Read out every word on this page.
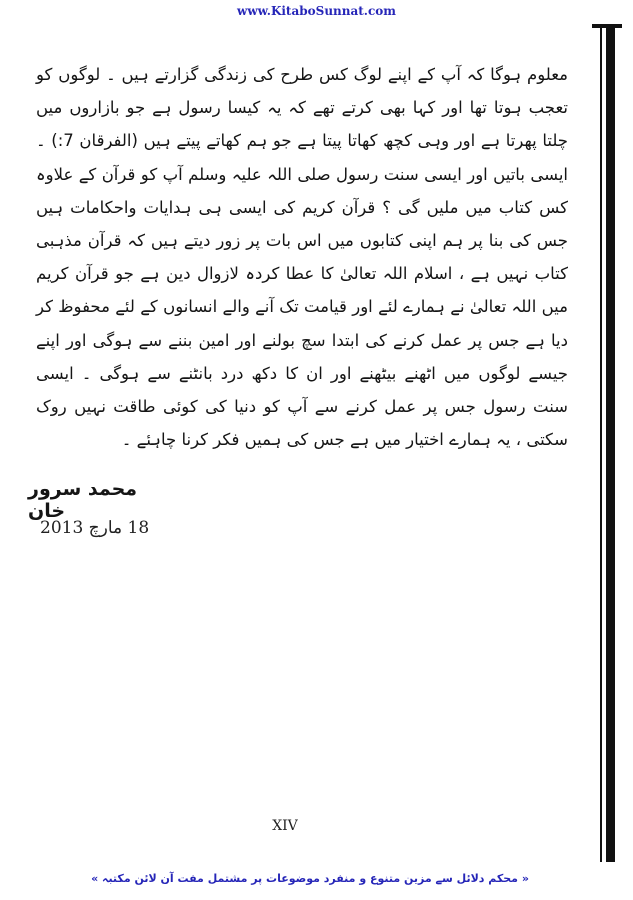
www.KitaboSunnat.com
معلوم ہوگا کہ آپ کے اپنے لوگ کس طرح کی زندگی گزارتے ہیں ۔ لوگوں کو تعجب ہوتا تھا اور کہا بھی کرتے تھے کہ یہ کیسا رسول ہے جو بازاروں میں چلتا پھرتا ہے اور وہی کچھ کھاتا پیتا ہے جو ہم کھاتے پیتے ہیں (الفرقان 7:) ۔ ایسی باتیں اور ایسی سنت رسول صلی اللہ علیہ وسلم آپ کو قرآن کے علاوہ کس کتاب میں ملیں گی ؟ قرآن کریم کی ایسی ہی ہدایات واحکامات ہیں جس کی بنا پر ہم اپنی کتابوں میں اس بات پر زور دیتے ہیں کہ قرآن مذہبی کتاب نہیں ہے ، اسلام اللہ تعالیٰ کا عطا کردہ لازوال دین ہے جو قرآن کریم میں اللہ تعالیٰ نے ہمارے لئے اور قیامت تک آنے والے انسانوں کے لئے محفوظ کر دیا ہے جس پر عمل کرنے کی ابتدا سچ بولنے اور امین بننے سے ہوگی اور اپنے جیسے لوگوں میں اٹھنے بیٹھنے اور ان کا دکھ درد بانٹنے سے ہوگی ۔ ایسی سنت رسول جس پر عمل کرنے سے آپ کو دنیا کی کوئی طاقت نہیں روک سکتی ، یہ ہمارے اختیار میں ہے جس کی ہمیں فکر کرنا چاہئے ۔
محمد سرور خان
18 مارچ 2013
XIV
« محکم دلائل سے مزین متنوع و منفرد موضوعات پر مشتمل مفت آن لائن مکتبہ »
